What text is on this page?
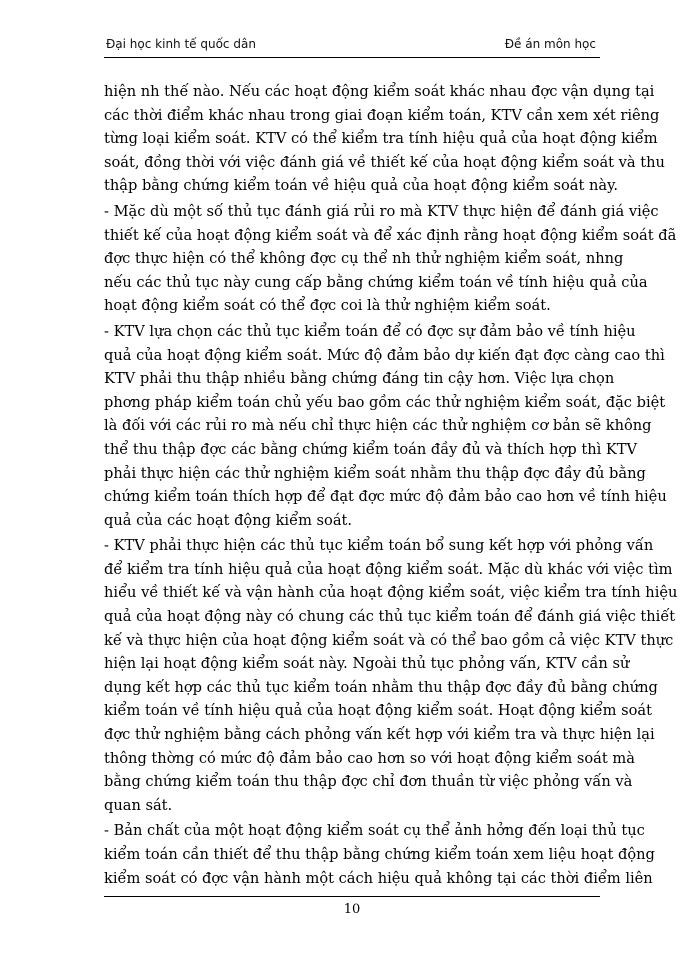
Đại học kinh tế quốc dân	Đề án môn học
hiện nh thế nào. Nếu các hoạt động kiểm soát khác nhau đợc vận dụng tại
các thời điểm khác nhau trong giai đoạn kiểm toán, KTV cần xem xét riêng
từng loại kiểm soát. KTV có thể kiểm tra tính hiệu quả của hoạt động kiểm
soát, đồng thời với việc đánh giá về thiết kế của hoạt động kiểm soát và thu
thập bằng chứng kiểm toán về hiệu quả của hoạt động kiểm soát này.
- Mặc dù một số thủ tục đánh giá rủi ro mà KTV thực hiện để đánh giá việc
thiết kế của hoạt động kiểm soát và để xác định rằng hoạt động kiểm soát đã
đợc thực hiện có thể không đợc cụ thể nh thử nghiệm kiểm soát, nhng
nếu các thủ tục này cung cấp bằng chứng kiểm toán về tính hiệu quả của
hoạt động kiểm soát có thể đợc coi là thử nghiệm kiểm soát.
- KTV lựa chọn các thủ tục kiểm toán để có đợc sự đảm bảo về tính hiệu
quả của hoạt động kiểm soát. Mức độ đảm bảo dự kiến đạt đợc càng cao thì
KTV phải thu thập nhiều bằng chứng đáng tin cậy hơn. Việc lựa chọn
phơng pháp kiểm toán chủ yếu bao gồm các thử nghiệm kiểm soát, đặc biệt
là đối với các rủi ro mà nếu chỉ thực hiện các thử nghiệm cơ bản sẽ không
thể thu thập đợc các bằng chứng kiểm toán đầy đủ và thích hợp thì KTV
phải thực hiện các thử nghiệm kiểm soát nhằm thu thập đợc đầy đủ bằng
chứng kiểm toán thích hợp để đạt đợc mức độ đảm bảo cao hơn về tính hiệu
quả của các hoạt động kiểm soát.
- KTV phải thực hiện các thủ tục kiểm toán bổ sung kết hợp với phỏng vấn
để kiểm tra tính hiệu quả của hoạt động kiểm soát. Mặc dù khác với việc tìm
hiểu về thiết kế và vận hành của hoạt động kiểm soát, việc kiểm tra tính hiệu
quả của hoạt động này có chung các thủ tục kiểm toán để đánh giá việc thiết
kế và thực hiện của hoạt động kiểm soát và có thể bao gồm cả việc KTV thực
hiện lại hoạt động kiểm soát này. Ngoài thủ tục phỏng vấn, KTV cần sử
dụng kết hợp các thủ tục kiểm toán nhằm thu thập đợc đầy đủ bằng chứng
kiểm toán về tính hiệu quả của hoạt động kiểm soát. Hoạt động kiểm soát
đợc thử nghiệm bằng cách phỏng vấn kết hợp với kiểm tra và thực hiện lại
thông thờng có mức độ đảm bảo cao hơn so với hoạt động kiểm soát mà
bằng chứng kiểm toán thu thập đợc chỉ đơn thuần từ việc phỏng vấn và
quan sát.
- Bản chất của một hoạt động kiểm soát cụ thể ảnh hởng đến loại thủ tục
kiểm toán cần thiết để thu thập bằng chứng kiểm toán xem liệu hoạt động
kiểm soát có đợc vận hành một cách hiệu quả không tại các thời điểm liên
10
